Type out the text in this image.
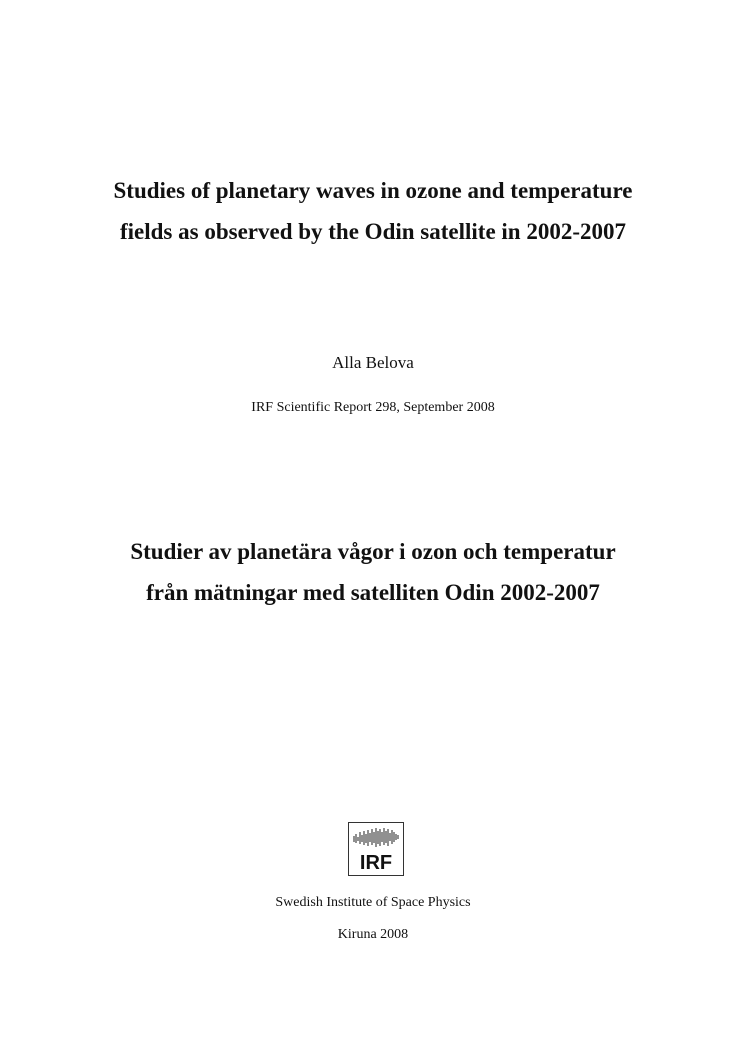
Studies of planetary waves in ozone and temperature
fields as observed by the Odin satellite in 2002-2007
Alla Belova
IRF Scientific Report 298, September 2008
Studier av planetära vågor i ozon och temperatur
från mätningar med satelliten Odin 2002-2007
IRF
Swedish Institute of Space Physics
Kiruna 2008
